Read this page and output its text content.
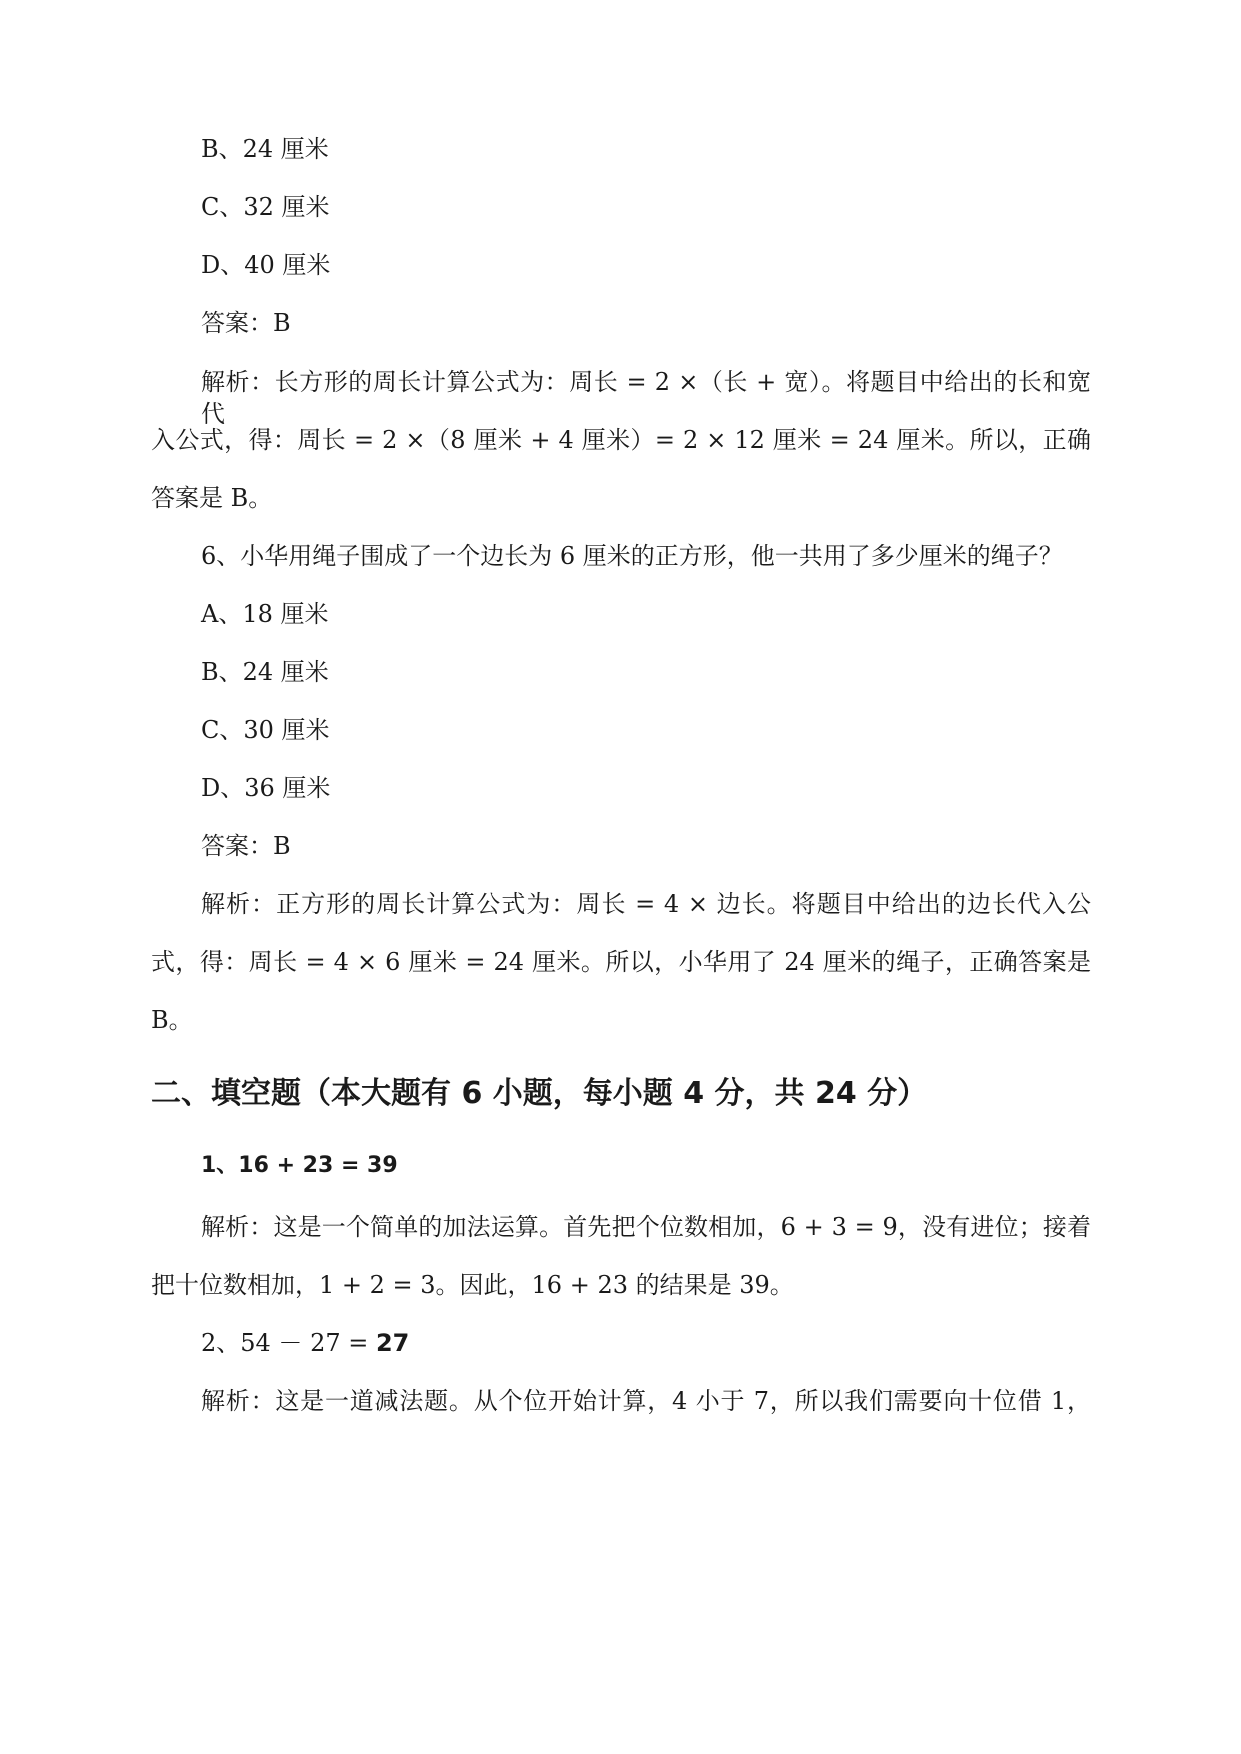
B、24 厘米

C、32 厘米

D、40 厘米

答案：B

解析：长方形的周长计算公式为：周长 = 2 ×（长 + 宽）。将题目中给出的长和宽代

入公式，得：周长 = 2 ×（8 厘米 + 4 厘米）= 2 × 12 厘米 = 24 厘米。所以，正确

答案是 B。

6、小华用绳子围成了一个边长为 6 厘米的正方形，他一共用了多少厘米的绳子？

A、18 厘米

B、24 厘米

C、30 厘米

D、36 厘米

答案：B

解析：正方形的周长计算公式为：周长 = 4 × 边长。将题目中给出的边长代入公

式，得：周长 = 4 × 6 厘米 = 24 厘米。所以，小华用了 24 厘米的绳子，正确答案是

B。

二、填空题（本大题有 6 小题，每小题 4 分，共 24 分）

1、16 + 23 = 39

解析：这是一个简单的加法运算。首先把个位数相加，6 + 3 = 9，没有进位；接着

把十位数相加，1 + 2 = 3。因此，16 + 23 的结果是 39。

2、54 － 27 = 27

解析：这是一道减法题。从个位开始计算，4 小于 7，所以我们需要向十位借 1，
